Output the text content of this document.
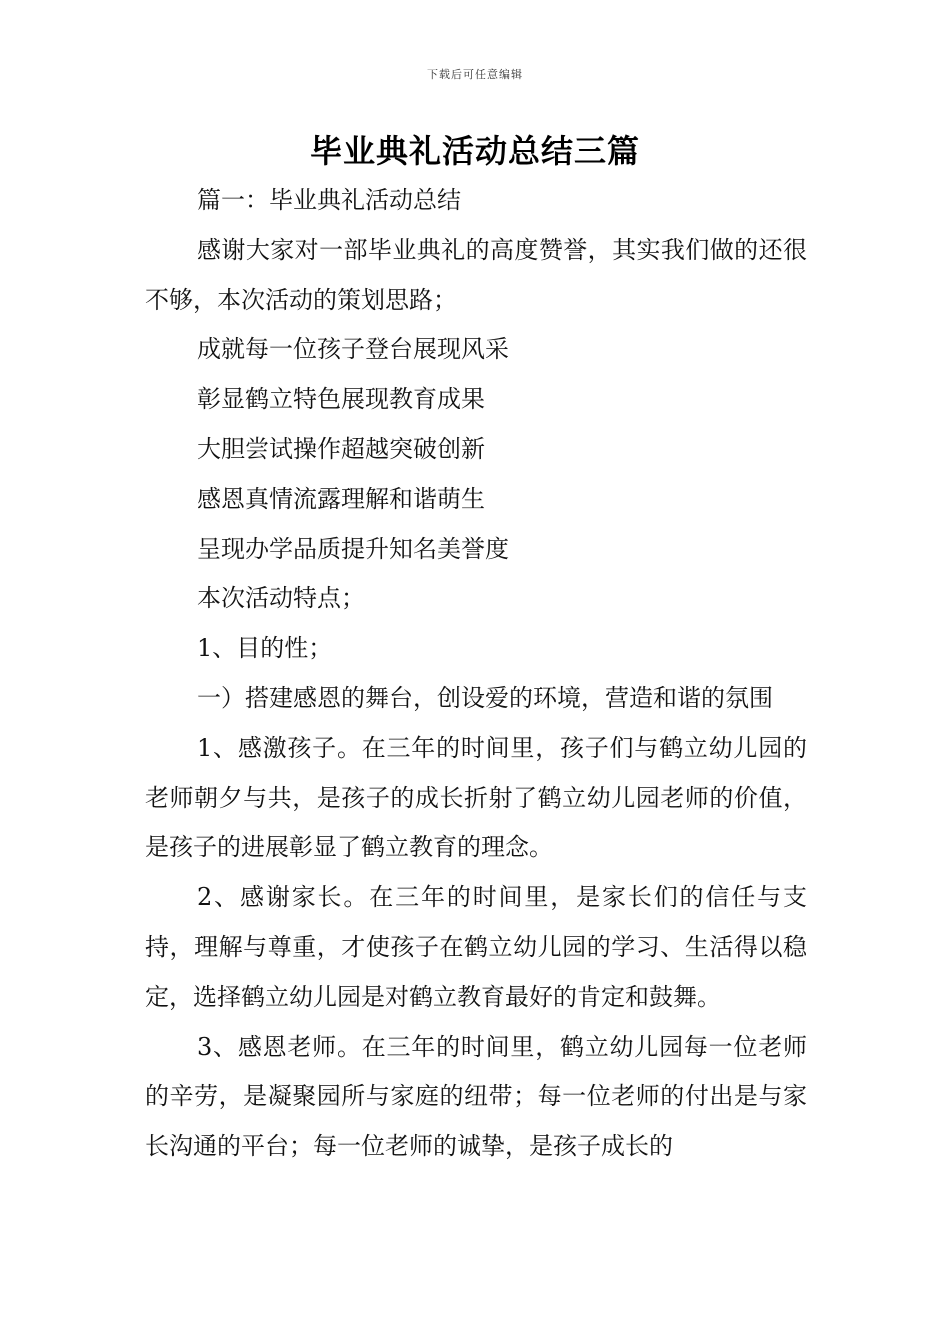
下载后可任意编辑
毕业典礼活动总结三篇

篇一：毕业典礼活动总结

感谢大家对一部毕业典礼的高度赞誉，其实我们做的还很不够，本次活动的策划思路；

成就每一位孩子登台展现风采

彰显鹤立特色展现教育成果

大胆尝试操作超越突破创新

感恩真情流露理解和谐萌生

呈现办学品质提升知名美誉度

本次活动特点；

1、目的性；

一）搭建感恩的舞台，创设爱的环境，营造和谐的氛围

1、感激孩子。在三年的时间里，孩子们与鹤立幼儿园的老师朝夕与共，是孩子的成长折射了鹤立幼儿园老师的价值，是孩子的进展彰显了鹤立教育的理念。

2、感谢家长。在三年的时间里，是家长们的信任与支持，理解与尊重，才使孩子在鹤立幼儿园的学习、生活得以稳定，选择鹤立幼儿园是对鹤立教育最好的肯定和鼓舞。

3、感恩老师。在三年的时间里，鹤立幼儿园每一位老师的辛劳，是凝聚园所与家庭的纽带；每一位老师的付出是与家长沟通的平台；每一位老师的诚挚，是孩子成长的
